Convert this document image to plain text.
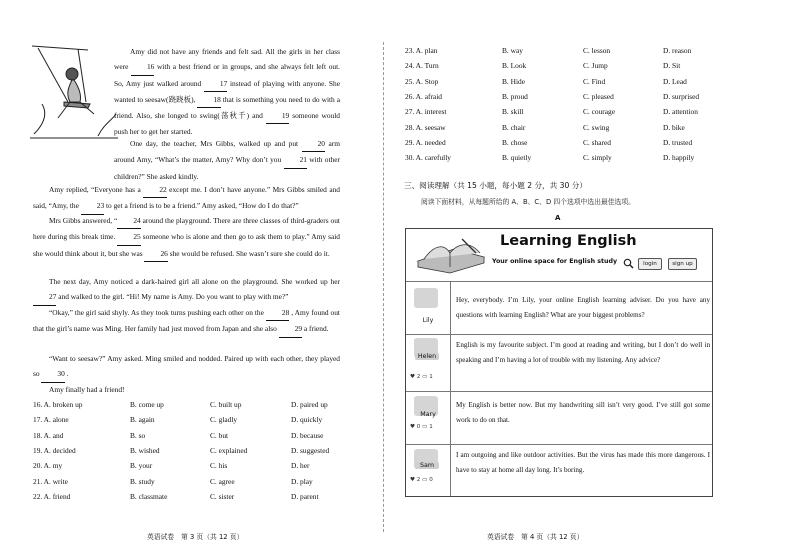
Amy did not have any friends and felt sad. All the girls in her class were 16 with a best friend or in groups, and she always felt left out. So, Amy just walked around 17 instead of playing with anyone. She wanted to seesaw(跷跷板), 18 that is something you need to do with a friend. Also, she longed to swing(荡秋千) and 19 someone would push her to get her started.
One day, the teacher, Mrs Gibbs, walked up and put 20 arm around Amy, “What’s the matter, Amy? Why don’t you 21 with other children?” She asked kindly.
Amy replied, “Everyone has a 22 except me. I don’t have anyone.” Mrs Gibbs smiled and said, “Amy, the 23 to get a friend is to be a friend.” Amy asked, “How do I do that?”
Mrs Gibbs answered, “ 24 around the playground. There are three classes of third-graders out here during this break time. 25 someone who is alone and then go to ask them to play.” Amy said she would think about it, but she was 26 she would be refused. She wasn’t sure she could do it.
The next day, Amy noticed a dark-haired girl all alone on the playground. She worked up her 27 and walked to the girl. “Hi! My name is Amy. Do you want to play with me?”
“Okay,” the girl said shyly. As they took turns pushing each other on the 28 , Amy found out that the girl’s name was Ming. Her family had just moved from Japan and she also 29 a friend.
“Want to seesaw?” Amy asked. Ming smiled and nodded. Paired up with each other, they played so 30 .
Amy finally had a friend!
16. A. broken up	B. come up	C. built up	D. paired up
17. A. alone	B. again	C. gladly	D. quickly
18. A. and	B. so	C. but	D. because
19. A. decided	B. wished	C. explained	D. suggested
20. A. my	B. your	C. his	D. her
21. A. write	B. study	C. agree	D. play
22. A. friend	B. classmate	C. sister	D. parent
英语试卷　第 3 页（共 12 页）
23. A. plan	B. way	C. lesson	D. reason
24. A. Turn	B. Look	C. Jump	D. Sit
25. A. Stop	B. Hide	C. Find	D. Lead
26. A. afraid	B. proud	C. pleased	D. surprised
27. A. interest	B. skill	C. courage	D. attention
28. A. seesaw	B. chair	C. swing	D. bike
29. A. needed	B. chose	C. shared	D. trusted
30. A. carefully	B. quietly	C. simply	D. happily
三、阅读理解（共 15 小题，每小题 2 分，共 30 分）
阅读下面材料，从每题所给的 A、B、C、D 四个选项中选出最佳选项。
A
Learning English
Your online space for English study	login	sign up
Lily
Hey, everybody. I’m Lily, your online English learning adviser. Do you have any questions with learning English? What are your biggest problems?
Helen
♥ 2 ▭ 1
English is my favourite subject. I’m good at reading and writing, but I don’t do well in speaking and I’m having a lot of trouble with my listening. Any advice?
Mary
♥ 0 ▭ 1
My English is better now. But my handwriting sill isn’t very good. I’ve still got some work to do on that.
Sam
♥ 2 ▭ 0
I am outgoing and like outdoor activities. But the virus has made this more dangerous. I have to stay at home all day long. It’s boring.
英语试卷　第 4 页（共 12 页）
